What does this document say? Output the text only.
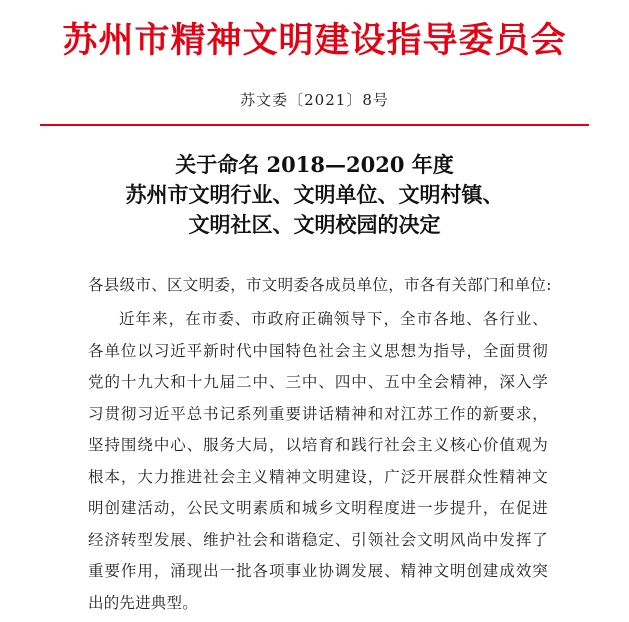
苏州市精神文明建设指导委员会
苏文委〔2021〕8号
关于命名 2018—2020 年度
苏州市文明行业、文明单位、文明村镇、
文明社区、文明校园的决定
各县级市、区文明委，市文明委各成员单位，市各有关部门和单位:
近年来，在市委、市政府正确领导下，全市各地、各行业、
各单位以习近平新时代中国特色社会主义思想为指导，全面贯彻
党的十九大和十九届二中、三中、四中、五中全会精神，深入学
习贯彻习近平总书记系列重要讲话精神和对江苏工作的新要求，
坚持围绕中心、服务大局，以培育和践行社会主义核心价值观为
根本，大力推进社会主义精神文明建设，广泛开展群众性精神文
明创建活动，公民文明素质和城乡文明程度进一步提升，在促进
经济转型发展、维护社会和谐稳定、引领社会文明风尚中发挥了
重要作用，涌现出一批各项事业协调发展、精神文明创建成效突
出的先进典型。
